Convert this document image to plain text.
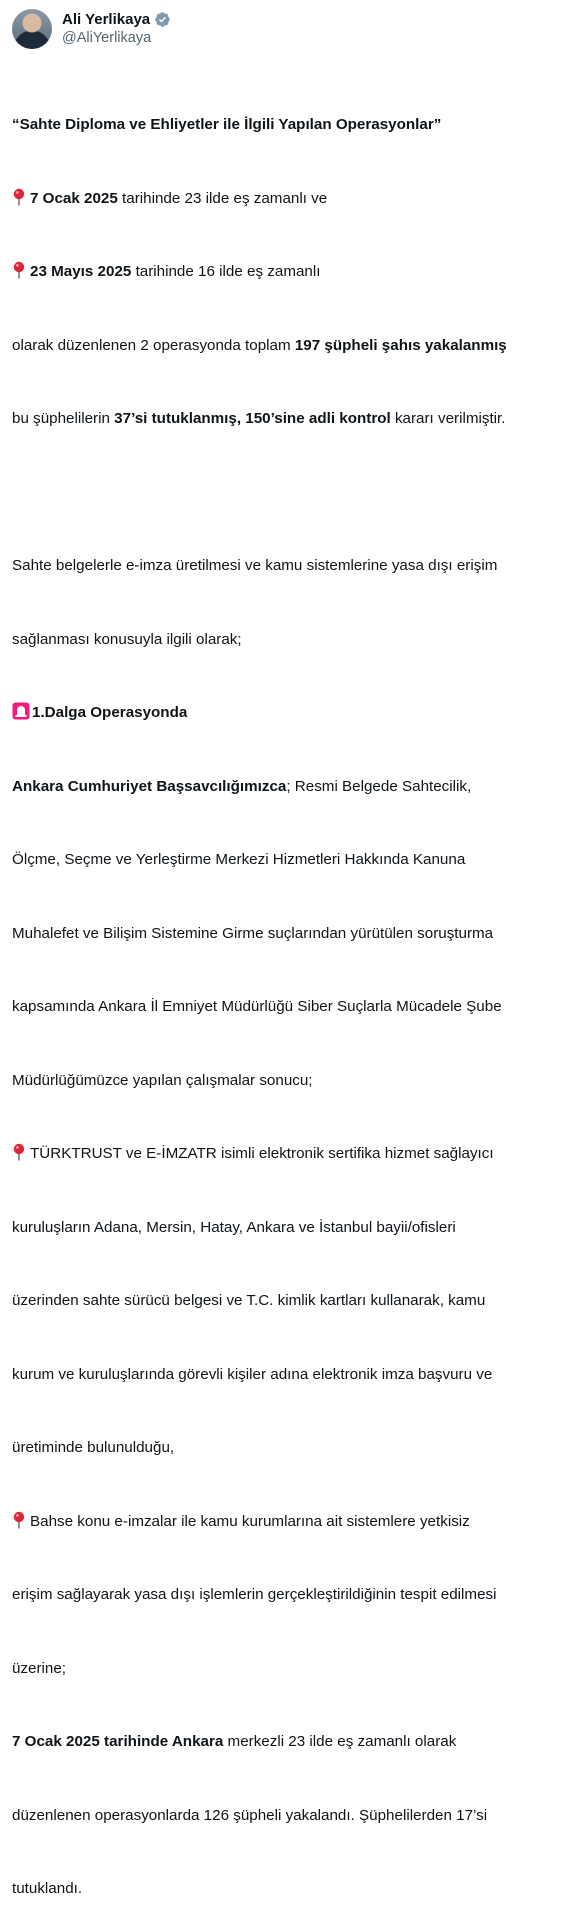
Ali Yerlikaya
@AliYerlikaya

“Sahte Diploma ve Ehliyetler ile İlgili Yapılan Operasyonlar”

7 Ocak 2025 tarihinde 23 ilde eş zamanlı ve

23 Mayıs 2025 tarihinde 16 ilde eş zamanlı

olarak düzenlenen 2 operasyonda toplam 197 şüpheli şahıs yakalanmış

bu şüphelilerin 37’si tutuklanmış, 150’sine adli kontrol kararı verilmiştir.

Sahte belgelerle e-imza üretilmesi ve kamu sistemlerine yasa dışı erişim

sağlanması konusuyla ilgili olarak;

1.Dalga Operasyonda

Ankara Cumhuriyet Başsavcılığımızca; Resmi Belgede Sahtecilik,

Ölçme, Seçme ve Yerleştirme Merkezi Hizmetleri Hakkında Kanuna

Muhalefet ve Bilişim Sistemine Girme suçlarından yürütülen soruşturma

kapsamında Ankara İl Emniyet Müdürlüğü Siber Suçlarla Mücadele Şube

Müdürlüğümüzce yapılan çalışmalar sonucu;

TÜRKTRUST ve E-İMZATR isimli elektronik sertifika hizmet sağlayıcı

kuruluşların Adana, Mersin, Hatay, Ankara ve İstanbul bayii/ofisleri

üzerinden sahte sürücü belgesi ve T.C. kimlik kartları kullanarak, kamu

kurum ve kuruluşlarında görevli kişiler adına elektronik imza başvuru ve

üretiminde bulunulduğu,

Bahse konu e-imzalar ile kamu kurumlarına ait sistemlere yetkisiz

erişim sağlayarak yasa dışı işlemlerin gerçekleştirildiğinin tespit edilmesi

üzerine;

7 Ocak 2025 tarihinde Ankara merkezli 23 ilde eş zamanlı olarak

düzenlenen operasyonlarda 126 şüpheli yakalandı. Şüphelilerden 17’si

tutuklandı.
